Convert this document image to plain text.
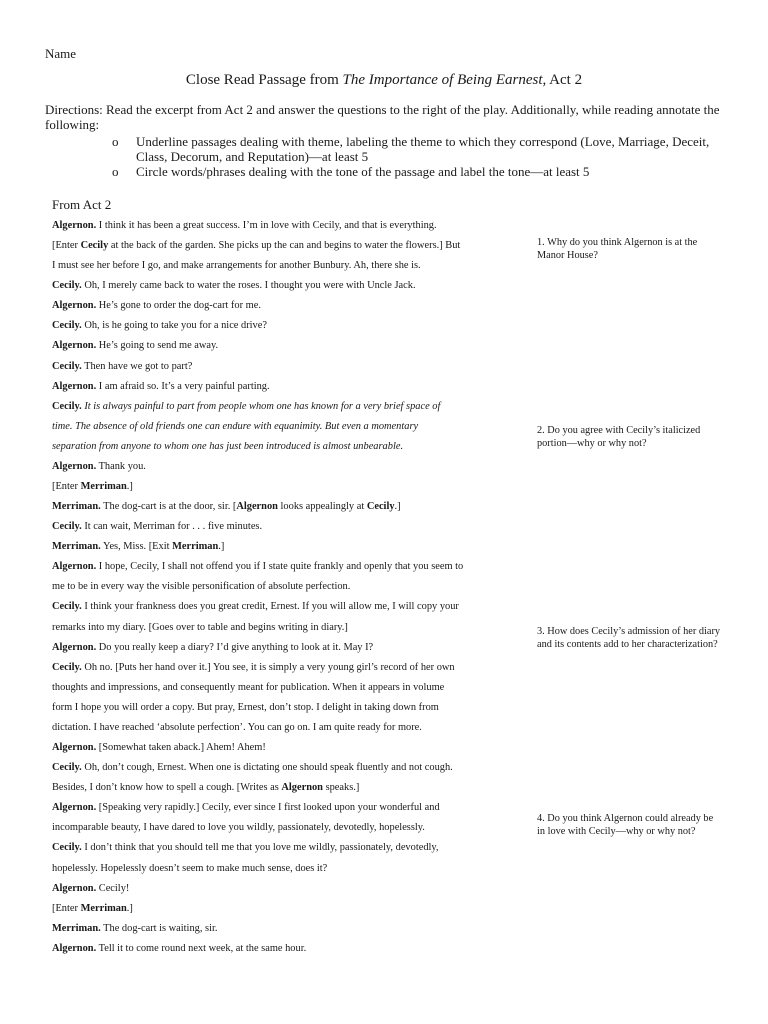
Name
Close Read Passage from The Importance of Being Earnest, Act 2
Directions: Read the excerpt from Act 2 and answer the questions to the right of the play. Additionally, while reading annotate the following:
o Underline passages dealing with theme, labeling the theme to which they correspond (Love, Marriage, Deceit, Class, Decorum, and Reputation)—at least 5
o Circle words/phrases dealing with the tone of the passage and label the tone—at least 5
From Act 2
Algernon. I think it has been a great success. I’m in love with Cecily, and that is everything.
[Enter Cecily at the back of the garden. She picks up the can and begins to water the flowers.] But
I must see her before I go, and make arrangements for another Bunbury. Ah, there she is.
Cecily. Oh, I merely came back to water the roses. I thought you were with Uncle Jack.
Algernon. He’s gone to order the dog-cart for me.
Cecily. Oh, is he going to take you for a nice drive?
Algernon. He’s going to send me away.
Cecily. Then have we got to part?
Algernon. I am afraid so. It’s a very painful parting.
Cecily. It is always painful to part from people whom one has known for a very brief space of
time. The absence of old friends one can endure with equanimity. But even a momentary
separation from anyone to whom one has just been introduced is almost unbearable.
Algernon. Thank you.
[Enter Merriman.]
Merriman. The dog-cart is at the door, sir. [Algernon looks appealingly at Cecily.]
Cecily. It can wait, Merriman for . . . five minutes.
Merriman. Yes, Miss. [Exit Merriman.]
Algernon. I hope, Cecily, I shall not offend you if I state quite frankly and openly that you seem to
me to be in every way the visible personification of absolute perfection.
Cecily. I think your frankness does you great credit, Ernest. If you will allow me, I will copy your
remarks into my diary. [Goes over to table and begins writing in diary.]
Algernon. Do you really keep a diary? I’d give anything to look at it. May I?
Cecily. Oh no. [Puts her hand over it.] You see, it is simply a very young girl’s record of her own
thoughts and impressions, and consequently meant for publication. When it appears in volume
form I hope you will order a copy. But pray, Ernest, don’t stop. I delight in taking down from
dictation. I have reached ‘absolute perfection’. You can go on. I am quite ready for more.
Algernon. [Somewhat taken aback.] Ahem! Ahem!
Cecily. Oh, don’t cough, Ernest. When one is dictating one should speak fluently and not cough.
Besides, I don’t know how to spell a cough. [Writes as Algernon speaks.]
Algernon. [Speaking very rapidly.] Cecily, ever since I first looked upon your wonderful and
incomparable beauty, I have dared to love you wildly, passionately, devotedly, hopelessly.
Cecily. I don’t think that you should tell me that you love me wildly, passionately, devotedly,
hopelessly. Hopelessly doesn’t seem to make much sense, does it?
Algernon. Cecily!
[Enter Merriman.]
Merriman. The dog-cart is waiting, sir.
Algernon. Tell it to come round next week, at the same hour.
1. Why do you think Algernon is at the Manor House?
2. Do you agree with Cecily’s italicized portion—why or why not?
3. How does Cecily’s admission of her diary and its contents add to her characterization?
4. Do you think Algernon could already be in love with Cecily—why or why not?
